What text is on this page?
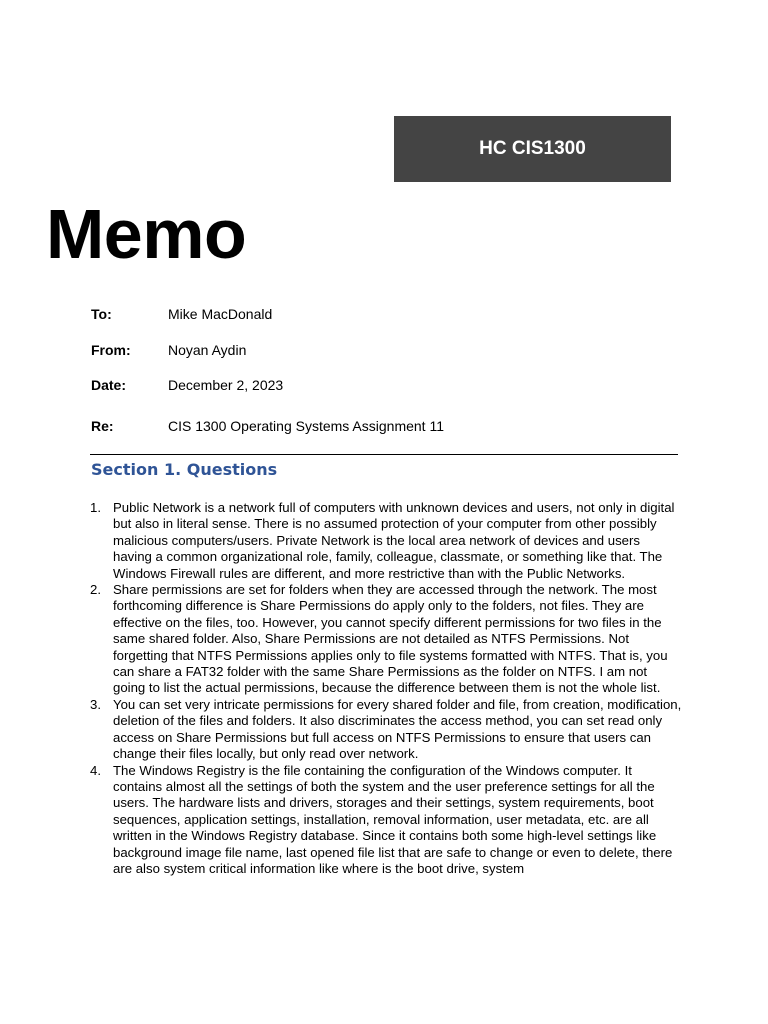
HC CIS1300
Memo
To:	Mike MacDonald
From:	Noyan Aydin
Date:	December 2, 2023
Re:	CIS 1300 Operating Systems Assignment 11
Section 1. Questions
1. Public Network is a network full of computers with unknown devices and users, not only in digital but also in literal sense. There is no assumed protection of your computer from other possibly malicious computers/users. Private Network is the local area network of devices and users having a common organizational role, family, colleague, classmate, or something like that. The Windows Firewall rules are different, and more restrictive than with the Public Networks.
2. Share permissions are set for folders when they are accessed through the network. The most forthcoming difference is Share Permissions do apply only to the folders, not files. They are effective on the files, too. However, you cannot specify different permissions for two files in the same shared folder. Also, Share Permissions are not detailed as NTFS Permissions. Not forgetting that NTFS Permissions applies only to file systems formatted with NTFS. That is, you can share a FAT32 folder with the same Share Permissions as the folder on NTFS. I am not going to list the actual permissions, because the difference between them is not the whole list.
3. You can set very intricate permissions for every shared folder and file, from creation, modification, deletion of the files and folders. It also discriminates the access method, you can set read only access on Share Permissions but full access on NTFS Permissions to ensure that users can change their files locally, but only read over network.
4. The Windows Registry is the file containing the configuration of the Windows computer. It contains almost all the settings of both the system and the user preference settings for all the users. The hardware lists and drivers, storages and their settings, system requirements, boot sequences, application settings, installation, removal information, user metadata, etc. are all written in the Windows Registry database. Since it contains both some high-level settings like background image file name, last opened file list that are safe to change or even to delete, there are also system critical information like where is the boot drive, system
